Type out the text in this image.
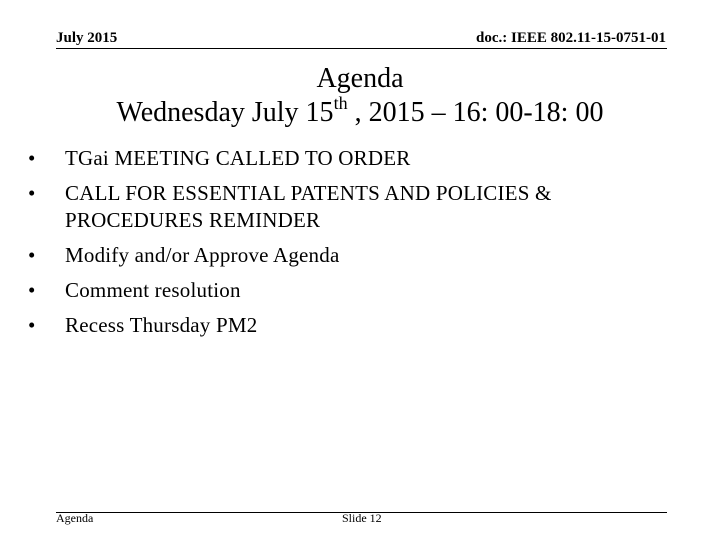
July 2015	doc.: IEEE 802.11-15-0751-01
Agenda
Wednesday July 15th , 2015 – 16: 00-18: 00
• TGai MEETING CALLED TO ORDER
• CALL FOR ESSENTIAL PATENTS AND POLICIES & PROCEDURES REMINDER
• Modify and/or Approve Agenda
• Comment resolution
• Recess Thursday PM2
Agenda	Slide 12
